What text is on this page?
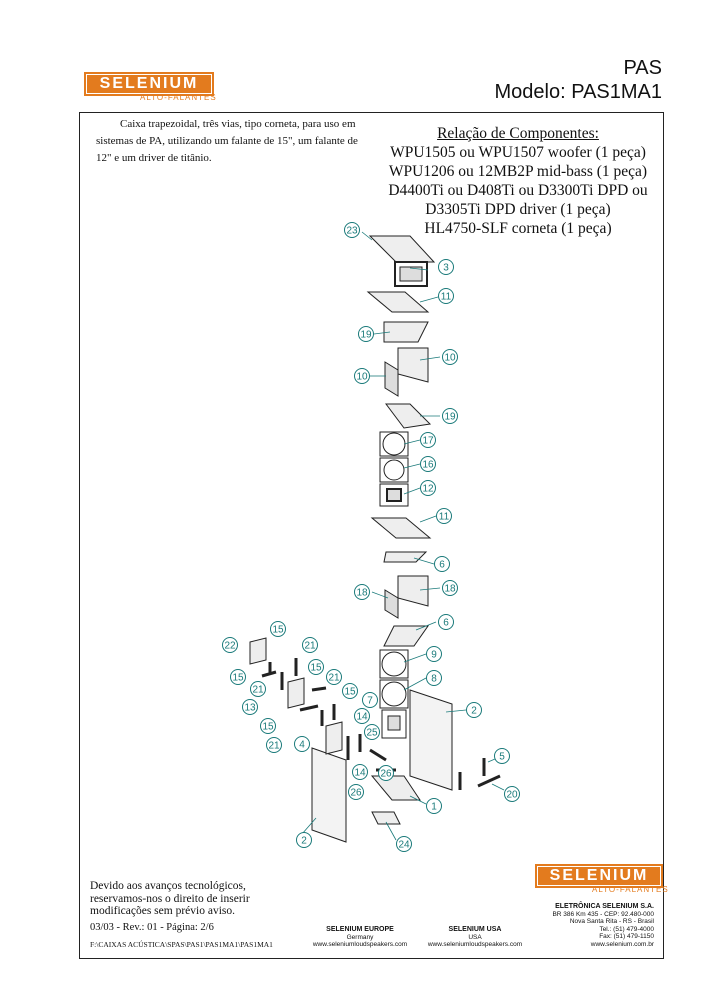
SELENIUM
ALTO-FALANTES
PAS
Modelo: PAS1MA1
Caixa trapezoidal, três vias, tipo corneta, para uso em sistemas de PA, utilizando um falante de 15", um falante de 12" e um driver de titânio.
Relação de Componentes:
WPU1505 ou WPU1507 woofer (1 peça)
WPU1206 ou 12MB2P mid-bass (1 peça)
D4400Ti ou D408Ti ou D3300Ti DPD ou
D3305Ti DPD driver (1 peça)
HL4750-SLF corneta (1 peça)
23
3
11
19
10
10
19
17
16
12
11
6
18
18
6
9
8
2
7
15
22	21
15
15
21
21
13
15
14
15
21 4
25
14 26
26
5
20
1
2	24
Devido aos avanços tecnológicos,
reservamos-nos o direito de inserir
modificações sem prévio aviso.
03/03 - Rev.: 01 - Página: 2/6
F:\CAIXAS ACÚSTICA\SPAS\PAS1\PAS1MA1\PAS1MA1
SELENIUM EUROPE
Germany
www.seleniumloudspeakers.com
SELENIUM USA
USA
www.seleniumloudspeakers.com
SELENIUM
ALTO-FALANTES
ELETRÔNICA SELENIUM S.A.
BR 386 Km 435 - CEP: 92.480-000
Nova Santa Rita - RS - Brasil
Tel.: (51) 479-4000
Fax: (51) 479-1150
www.selenium.com.br
